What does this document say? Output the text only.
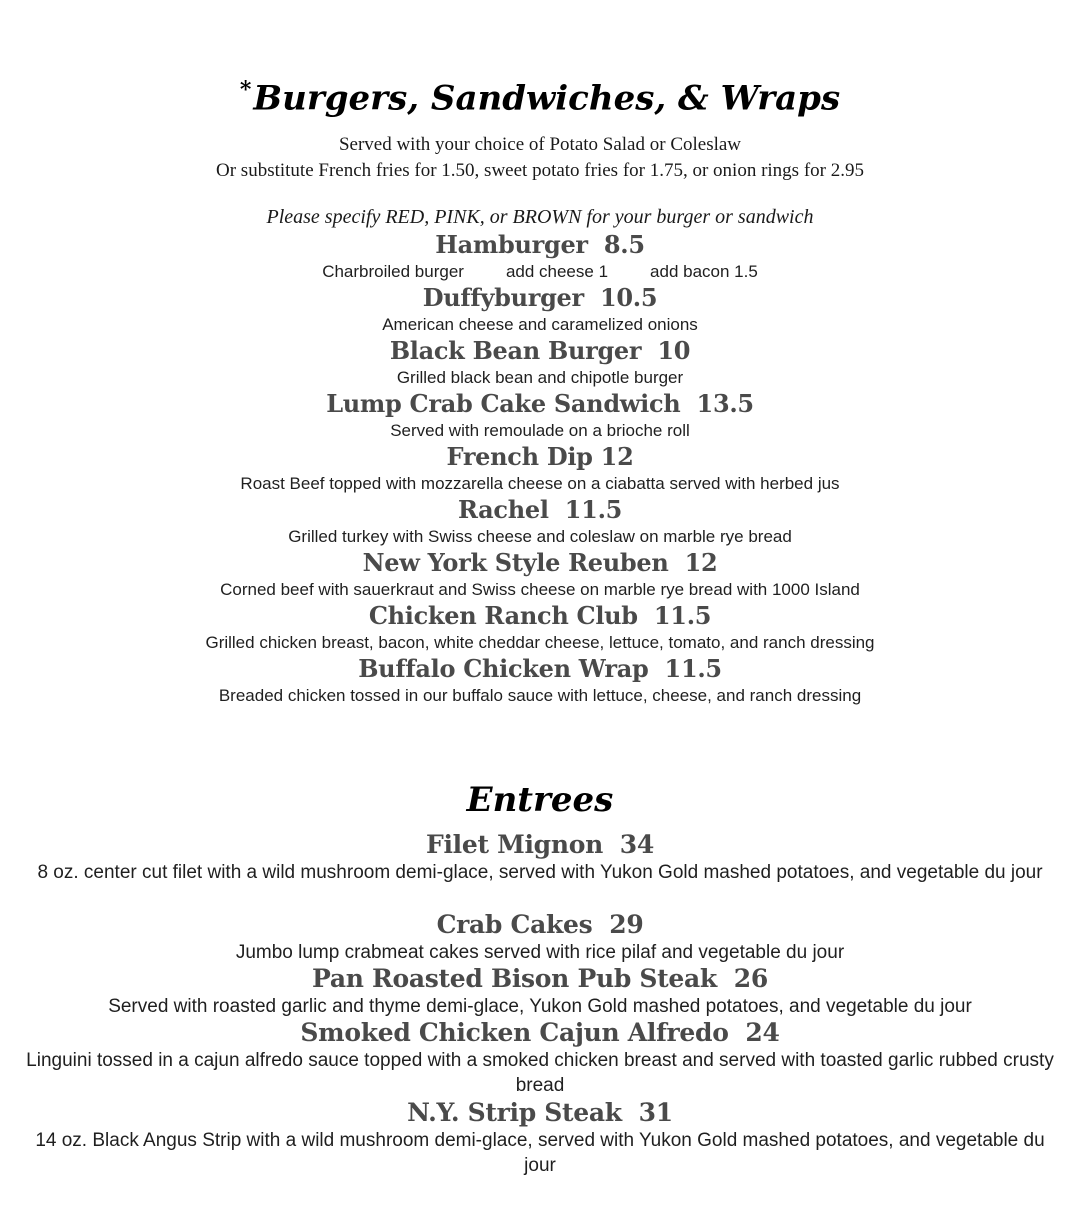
*Burgers, Sandwiches, & Wraps

Served with your choice of Potato Salad or Coleslaw

Or substitute French fries for 1.50, sweet potato fries for 1.75, or onion rings for 2.95

Please specify RED, PINK, or BROWN for your burger or sandwich

Hamburger  8.5

Charbroiled burger add cheese 1 add bacon 1.5

Duffyburger  10.5

American cheese and caramelized onions

Black Bean Burger  10

Grilled black bean and chipotle burger

Lump Crab Cake Sandwich  13.5

Served with remoulade on a brioche roll

French Dip 12

Roast Beef topped with mozzarella cheese on a ciabatta served with herbed jus

Rachel  11.5

Grilled turkey with Swiss cheese and coleslaw on marble rye bread

New York Style Reuben  12

Corned beef with sauerkraut and Swiss cheese on marble rye bread with 1000 Island

Chicken Ranch Club  11.5

Grilled chicken breast, bacon, white cheddar cheese, lettuce, tomato, and ranch dressing

Buffalo Chicken Wrap  11.5

Breaded chicken tossed in our buffalo sauce with lettuce, cheese, and ranch dressing

Entrees

Filet Mignon  34

8 oz. center cut filet with a wild mushroom demi-glace, served with Yukon Gold mashed potatoes, and vegetable du jour

Crab Cakes  29

Jumbo lump crabmeat cakes served with rice pilaf and vegetable du jour

Pan Roasted Bison Pub Steak  26

Served with roasted garlic and thyme demi-glace, Yukon Gold mashed potatoes, and vegetable du jour

Smoked Chicken Cajun Alfredo  24

Linguini tossed in a cajun alfredo sauce topped with a smoked chicken breast and served with toasted garlic rubbed crusty bread

N.Y. Strip Steak  31

14 oz. Black Angus Strip with a wild mushroom demi-glace, served with Yukon Gold mashed potatoes, and vegetable du jour
